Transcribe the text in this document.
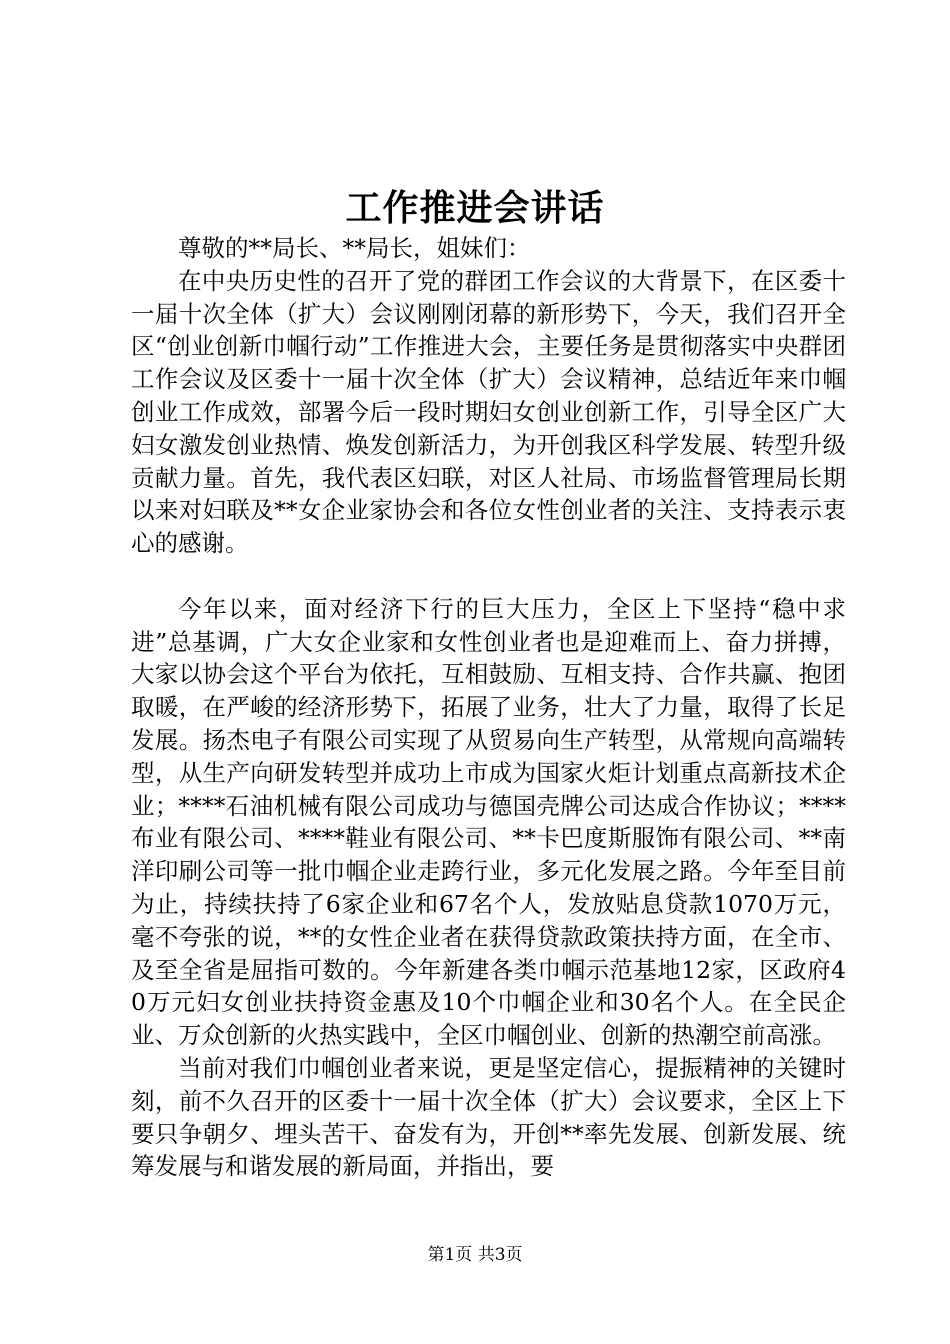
工作推进会讲话

尊敬的**局长、**局长，姐妹们：

在中央历史性的召开了党的群团工作会议的大背景下，在区委十一届十次全体（扩大）会议刚刚闭幕的新形势下，今天，我们召开全区“创业创新巾帼行动”工作推进大会，主要任务是贯彻落实中央群团工作会议及区委十一届十次全体（扩大）会议精神，总结近年来巾帼创业工作成效，部署今后一段时期妇女创业创新工作，引导全区广大妇女激发创业热情、焕发创新活力，为开创我区科学发展、转型升级贡献力量。首先，我代表区妇联，对区人社局、市场监督管理局长期以来对妇联及**女企业家协会和各位女性创业者的关注、支持表示衷心的感谢。

今年以来，面对经济下行的巨大压力，全区上下坚持“稳中求进”总基调，广大女企业家和女性创业者也是迎难而上、奋力拼搏，大家以协会这个平台为依托，互相鼓励、互相支持、合作共赢、抱团取暖，在严峻的经济形势下，拓展了业务，壮大了力量，取得了长足发展。扬杰电子有限公司实现了从贸易向生产转型，从常规向高端转型，从生产向研发转型并成功上市成为国家火炬计划重点高新技术企业；****石油机械有限公司成功与德国壳牌公司达成合作协议；****布业有限公司、****鞋业有限公司、**卡巴度斯服饰有限公司、**南洋印刷公司等一批巾帼企业走跨行业，多元化发展之路。今年至目前为止，持续扶持了6家企业和67名个人，发放贴息贷款1070万元，毫不夸张的说，**的女性企业者在获得贷款政策扶持方面，在全市、及至全省是屈指可数的。今年新建各类巾帼示范基地12家，区政府40万元妇女创业扶持资金惠及10个巾帼企业和30名个人。在全民企业、万众创新的火热实践中，全区巾帼创业、创新的热潮空前高涨。

当前对我们巾帼创业者来说，更是坚定信心，提振精神的关键时刻，前不久召开的区委十一届十次全体（扩大）会议要求，全区上下要只争朝夕、埋头苦干、奋发有为，开创**率先发展、创新发展、统筹发展与和谐发展的新局面，并指出，要

第1页 共3页
